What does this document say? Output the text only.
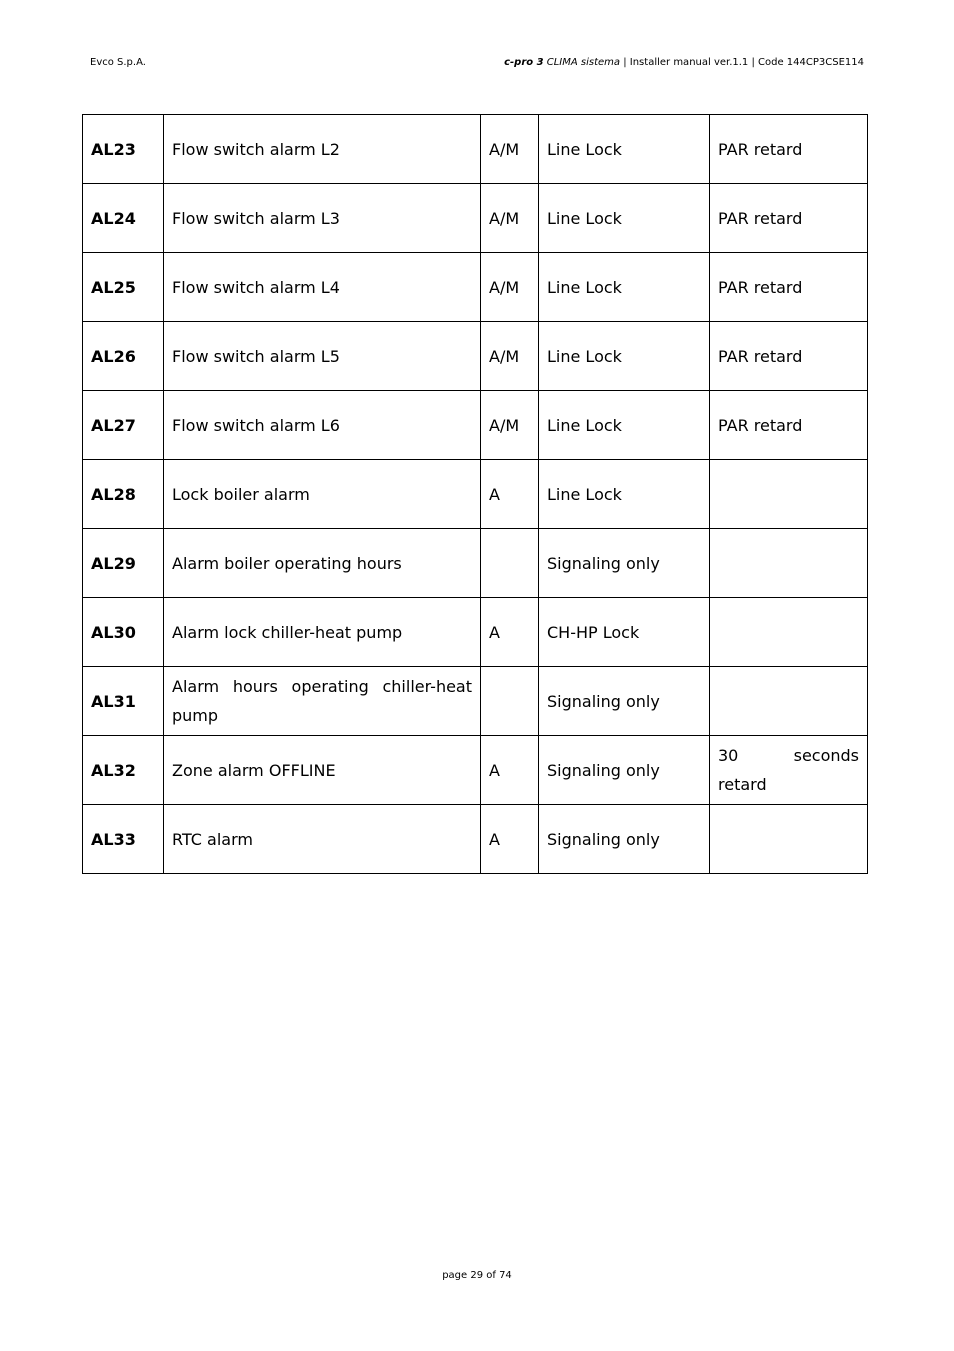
Evco S.p.A.	c-pro 3 CLIMA sistema | Installer manual ver.1.1 | Code 144CP3CSE114
AL23	Flow switch alarm L2	A/M	Line Lock	PAR retard
AL24	Flow switch alarm L3	A/M	Line Lock	PAR retard
AL25	Flow switch alarm L4	A/M	Line Lock	PAR retard
AL26	Flow switch alarm L5	A/M	Line Lock	PAR retard
AL27	Flow switch alarm L6	A/M	Line Lock	PAR retard
AL28	Lock boiler alarm	A	Line Lock	
AL29	Alarm boiler operating hours		Signaling only	
AL30	Alarm lock chiller-heat pump	A	CH-HP Lock	
AL31	Alarm hours operating chiller-heat pump		Signaling only	
AL32	Zone alarm OFFLINE	A	Signaling only	30 seconds retard
AL33	RTC alarm	A	Signaling only	
page 29 of 74
